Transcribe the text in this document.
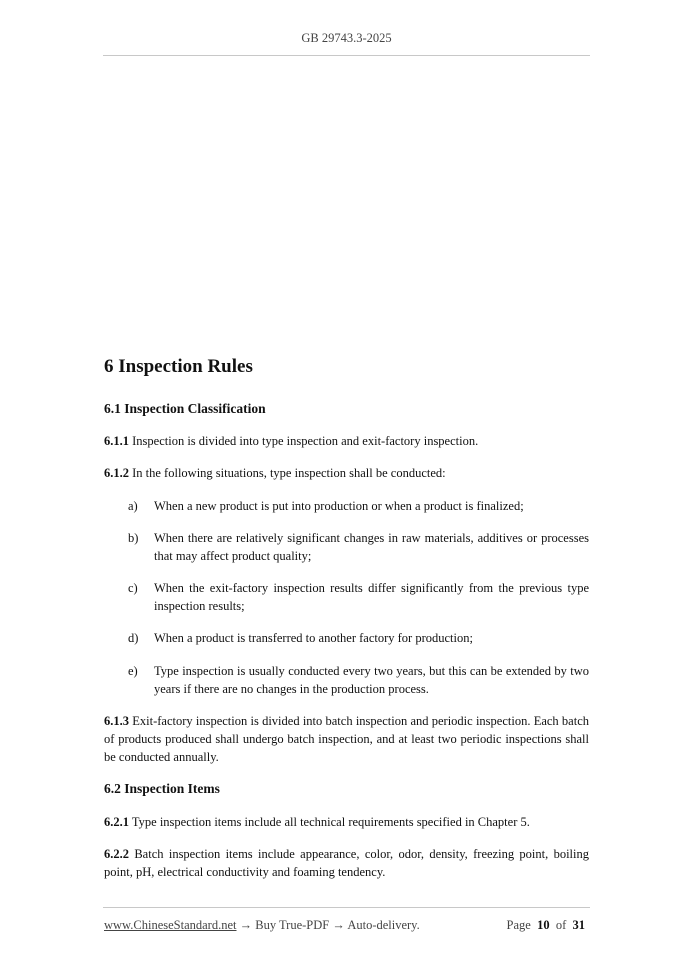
GB 29743.3-2025
6 Inspection Rules
6.1 Inspection Classification
6.1.1 Inspection is divided into type inspection and exit-factory inspection.
6.1.2 In the following situations, type inspection shall be conducted:
a) When a new product is put into production or when a product is finalized;
b) When there are relatively significant changes in raw materials, additives or processes that may affect product quality;
c) When the exit-factory inspection results differ significantly from the previous type inspection results;
d) When a product is transferred to another factory for production;
e) Type inspection is usually conducted every two years, but this can be extended by two years if there are no changes in the production process.
6.1.3 Exit-factory inspection is divided into batch inspection and periodic inspection. Each batch of products produced shall undergo batch inspection, and at least two periodic inspections shall be conducted annually.
6.2 Inspection Items
6.2.1 Type inspection items include all technical requirements specified in Chapter 5.
6.2.2 Batch inspection items include appearance, color, odor, density, freezing point, boiling point, pH, electrical conductivity and foaming tendency.
www.ChineseStandard.net → Buy True-PDF → Auto-delivery.	Page 10 of 31
